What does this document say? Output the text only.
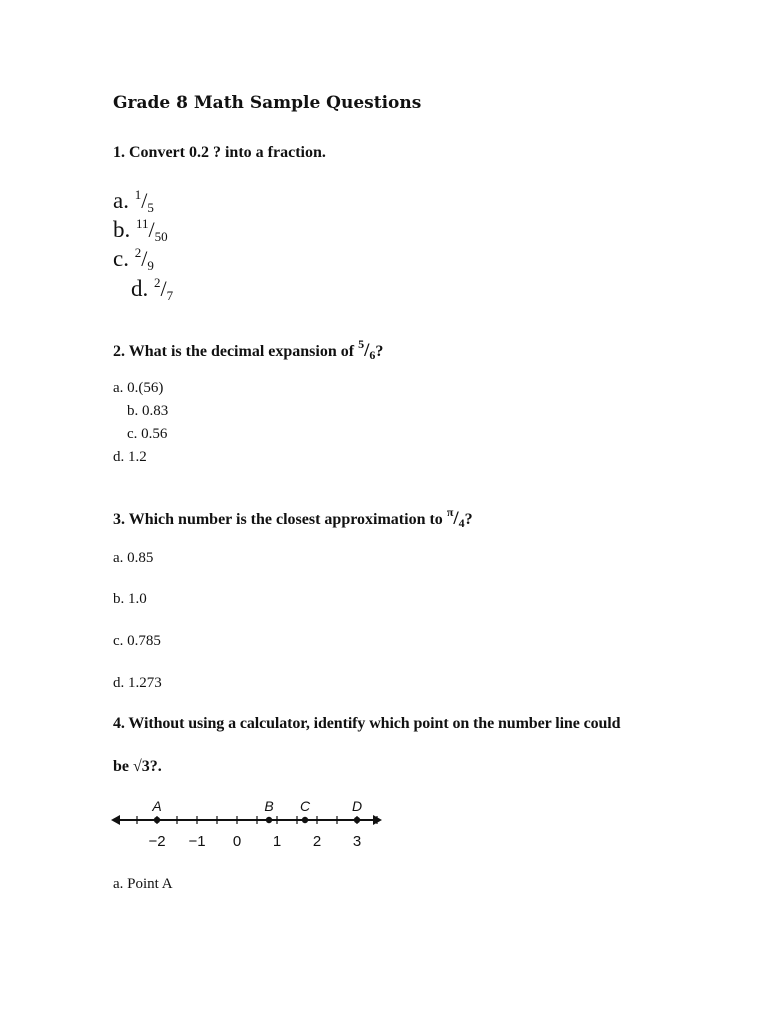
Grade 8 Math Sample Questions
1. Convert 0.2 ? into a fraction.
a. $^1/_5$
b. $^{11}/_{50}$
c. $^2/_9$
d. $^2/_7$
2. What is the decimal expansion of $^5$/6?
a. 0.(56)
b. 0.83
c. 0.56
d. 1.2
3. Which number is the closest approximation to $^\pi$/4?
a. 0.85
b. 1.0
c. 0.785
d. 1.273
4. Without using a calculator, identify which point on the number line could
be √3?.
−2 −1 0 1 2 3
A	B C	D
a. Point A
